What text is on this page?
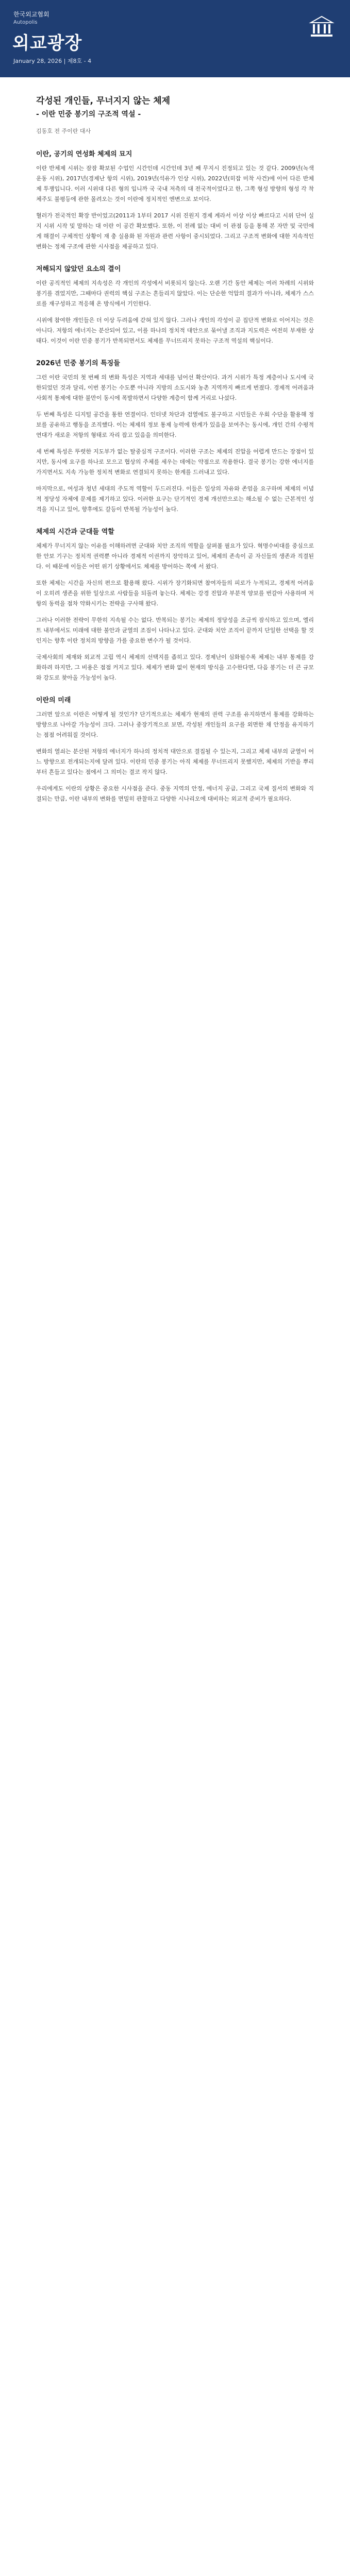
한국외교협회
Autopolis
외교광장
January 28, 2026 | 제8호 - 4
각성된 개인들, 무너지지 않는 체제
- 이란 민중 봉기의 구조적 역설 -
김동호 전 주이란 대사
이란, 공기의 연성화 체제의 묘지

이란 반체제 시위는 잠잠 확보된 수업인 시간인데 시간인데 3년 째 무지시 진정되고 있는 것 같다. 2009년(녹색 운동 시위), 2017년(경제난 항의 시위), 2019년(석유가 인상 시위), 2022년(히잡 미착 사건)에 이어 다른 반체제 투쟁입니다. 이러 시위대 다른 형의 입니까 국 국내 저측의 대 전국적이었다고 한, 그쪽 형성 방향의 형성 각 착체주도 불평등에 관한 몰려오는 것이 이란에 정치적인 엔변으로 보이다.

혈러가 전국적인 확장 반이었고(2011과 1부터 2017 시위 진원지 경제 계라서 이상 이상 빠르다고 시위 단어 실지 시위 시작 및 말하는 대 이란 이 공간 확보했다. 또한, 이 전례 없는 대비 이 관점 등을 통해 본 자만 및 국민에게 해결이 구체적인 상황이 재 충 실용화 된 자원과 관련 사항이 중시되었다. 그리고 구조적 변화에 대한 지속적인 변화는 정체 구조에 관한 시사점을 제공하고 있다.

저해되지 않았던 요소의 결이

이란 공직적인 체제의 지속성은 각 개인의 각성에서 비롯되지 않는다. 오랜 기간 동안 체제는 여러 차례의 시위와 봉기를 겪었지만, 그때마다 권력의 핵심 구조는 흔들리지 않았다. 이는 단순한 억압의 결과가 아니라, 체제가 스스로를 재구성하고 적응해 온 방식에서 기인한다.

시위에 참여한 개인들은 더 이상 두려움에 갇혀 있지 않다. 그러나 개인의 각성이 곧 집단적 변화로 이어지는 것은 아니다. 저항의 에너지는 분산되어 있고, 이를 하나의 정치적 대안으로 묶어낼 조직과 지도력은 여전히 부재한 상태다. 이것이 이란 민중 봉기가 반복되면서도 체제를 무너뜨리지 못하는 구조적 역설의 핵심이다.

2026년 민중 봉기의 특징들

그런 이란 국민의 첫 번째 의 변화 특성은 지역과 세대를 넘어선 확산이다. 과거 시위가 특정 계층이나 도시에 국한되었던 것과 달리, 이번 봉기는 수도뿐 아니라 지방의 소도시와 농촌 지역까지 빠르게 번졌다. 경제적 어려움과 사회적 통제에 대한 불만이 동시에 폭발하면서 다양한 계층이 함께 거리로 나섰다.

두 번째 특성은 디지털 공간을 통한 연결이다. 인터넷 차단과 검열에도 불구하고 시민들은 우회 수단을 활용해 정보를 공유하고 행동을 조직했다. 이는 체제의 정보 통제 능력에 한계가 있음을 보여주는 동시에, 개인 간의 수평적 연대가 새로운 저항의 형태로 자리 잡고 있음을 의미한다.

세 번째 특성은 뚜렷한 지도부가 없는 탈중심적 구조이다. 이러한 구조는 체제의 진압을 어렵게 만드는 장점이 있지만, 동시에 요구를 하나로 모으고 협상의 주체를 세우는 데에는 약점으로 작용한다. 결국 봉기는 강한 에너지를 가지면서도 지속 가능한 정치적 변화로 연결되지 못하는 한계를 드러내고 있다.

마지막으로, 여성과 청년 세대의 주도적 역할이 두드러진다. 이들은 일상의 자유와 존엄을 요구하며 체제의 이념적 정당성 자체에 문제를 제기하고 있다. 이러한 요구는 단기적인 경제 개선만으로는 해소될 수 없는 근본적인 성격을 지니고 있어, 향후에도 갈등이 반복될 가능성이 높다.

체제의 시간과 군대들 역할

체제가 무너지지 않는 이유를 이해하려면 군대와 치안 조직의 역할을 살펴볼 필요가 있다. 혁명수비대를 중심으로 한 안보 기구는 정치적 권력뿐 아니라 경제적 이권까지 장악하고 있어, 체제의 존속이 곧 자신들의 생존과 직결된다. 이 때문에 이들은 어떤 위기 상황에서도 체제를 방어하는 쪽에 서 왔다.

또한 체제는 시간을 자신의 편으로 활용해 왔다. 시위가 장기화되면 참여자들의 피로가 누적되고, 경제적 어려움이 오히려 생존을 위한 일상으로 사람들을 되돌려 놓는다. 체제는 강경 진압과 부분적 양보를 번갈아 사용하며 저항의 동력을 점차 약화시키는 전략을 구사해 왔다.

그러나 이러한 전략이 무한히 지속될 수는 없다. 반복되는 봉기는 체제의 정당성을 조금씩 잠식하고 있으며, 엘리트 내부에서도 미래에 대한 불안과 균열의 조짐이 나타나고 있다. 군대와 치안 조직이 끝까지 단일한 선택을 할 것인지는 향후 이란 정치의 방향을 가를 중요한 변수가 될 것이다.

국제사회의 제재와 외교적 고립 역시 체제의 선택지를 좁히고 있다. 경제난이 심화될수록 체제는 내부 통제를 강화하려 하지만, 그 비용은 점점 커지고 있다. 체제가 변화 없이 현재의 방식을 고수한다면, 다음 봉기는 더 큰 규모와 강도로 찾아올 가능성이 높다.

이란의 미래

그러면 앞으로 이란은 어떻게 될 것인가? 단기적으로는 체제가 현재의 권력 구조를 유지하면서 통제를 강화하는 방향으로 나아갈 가능성이 크다. 그러나 중장기적으로 보면, 각성된 개인들의 요구를 외면한 채 안정을 유지하기는 점점 어려워질 것이다.

변화의 열쇠는 분산된 저항의 에너지가 하나의 정치적 대안으로 결집될 수 있는지, 그리고 체제 내부의 균열이 어느 방향으로 전개되는지에 달려 있다. 이란의 민중 봉기는 아직 체제를 무너뜨리지 못했지만, 체제의 기반을 뿌리부터 흔들고 있다는 점에서 그 의미는 결코 작지 않다.

우리에게도 이란의 상황은 중요한 시사점을 준다. 중동 지역의 안정, 에너지 공급, 그리고 국제 질서의 변화와 직결되는 만큼, 이란 내부의 변화를 면밀히 관찰하고 다양한 시나리오에 대비하는 외교적 준비가 필요하다.
